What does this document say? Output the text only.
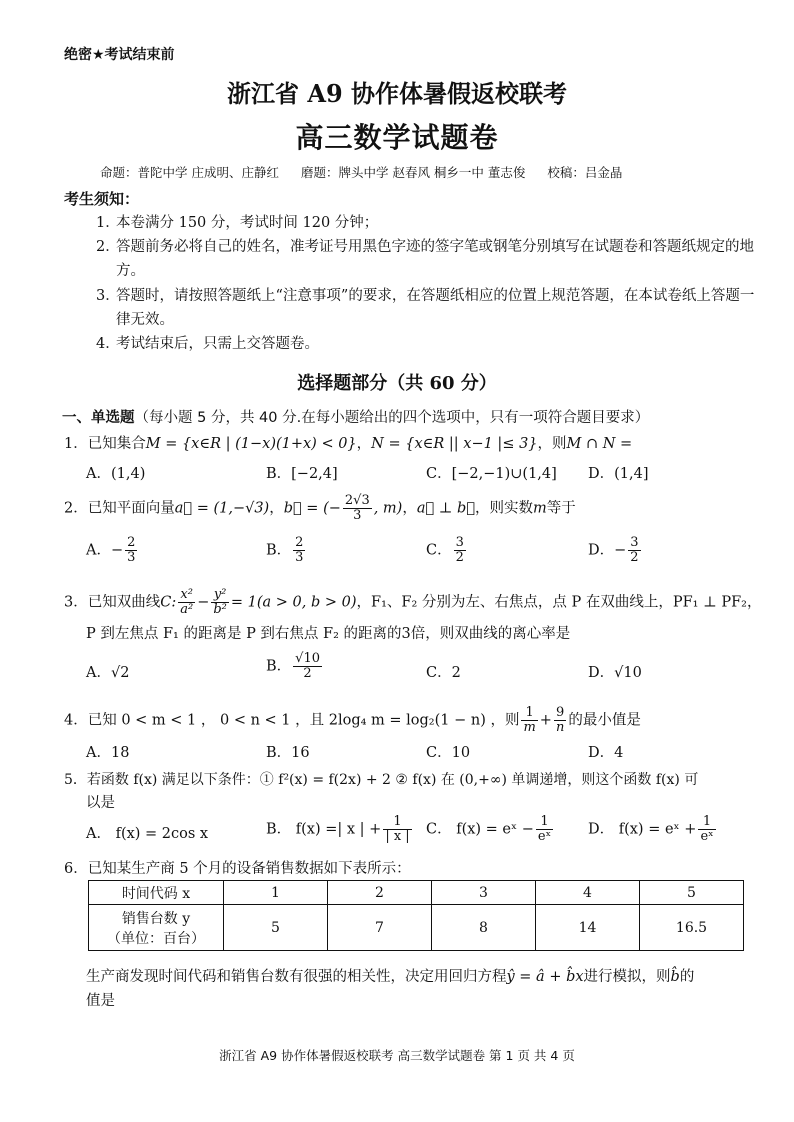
绝密★考试结束前
浙江省 A9 协作体暑假返校联考
高三数学试题卷
命题：普陀中学 庄成明、庄静红 磨题：牌头中学 赵春风 桐乡一中 董志俊 校稿：吕金晶
考生须知：
1．
本卷满分 150 分，考试时间 120 分钟；
2．
答题前务必将自己的姓名，准考证号用黑色字迹的签字笔或钢笔分别填写在试题卷和答题纸规定的地方。
3．
答题时，请按照答题纸上“注意事项”的要求，在答题纸相应的位置上规范答题，在本试卷纸上答题一律无效。
4．
考试结束后，只需上交答题卷。
选择题部分（共 60 分）
一、单选题（每小题 5 分，共 40 分.在每小题给出的四个选项中，只有一项符合题目要求）
1．已知集合M = {x∈R | (1−x)(1+x) < 0}，N = {x∈R || x−1 |≤ 3}，则M ∩ N =
A．(1,4)	B．[−2,4]	C．[−2,−1)∪(1,4] D．(1,4]
2．已知平面向量a⃗ = (1,−√3)，b⃗ = (− $\frac{2√3}{3}$ , m)，a⃗ ⊥ b⃗，则实数m等于
A．− $\frac{2}{3}$	B． $\frac{2}{3}$	C． $\frac{3}{2}$	D．− $\frac{3}{2}$
3．已知双曲线C: $\frac{\text{x²}}{\text{a²}} - \frac{\text{y²}}{\text{b²}} = 1(a > 0$, b > 0)，F₁、F₂ 分别为左、右焦点，点 P 在双曲线上，PF₁ ⊥ PF₂，
P 到左焦点 F₁ 的距离是 P 到右焦点 F₂ 的距离的3倍，则双曲线的离心率是
A．√2	B． $\frac{√10}{2}$	C．2	D．√10
4．已知 0 < m < 1 ， 0 < n < 1 ，且 2log₄ m = log₂(1 − n) ，则 $\frac{1}{m} + \frac{9}{n}$ 的最小值是
A．18	B．16	C．10	D．4
5．若函数 f(x) 满足以下条件：① f²(x) = f(2x) + 2 ② f(x) 在 (0,+∞) 单调递增，则这个函数 f(x) 可
以是
A． f(x) = 2cos x	B． f(x) =| x | + $\frac{1}{| x |}$ C． f(x) = eˣ − $\frac{1}{\text{eˣ}}$ D． f(x) = eˣ + $\frac{1}{\text{eˣ}}$
6．已知某生产商 5 个月的设备销售数据如下表所示：
时间代码 x	1	2	3	4	5

销售台数 y
（单位：百台）	5	7	8	14	16.5
生产商发现时间代码和销售台数有很强的相关性，决定用回归方程ŷ = â + b̂x进行模拟，则b̂的
值是
浙江省 A9 协作体暑假返校联考 高三数学试题卷 第 1 页 共 4 页
